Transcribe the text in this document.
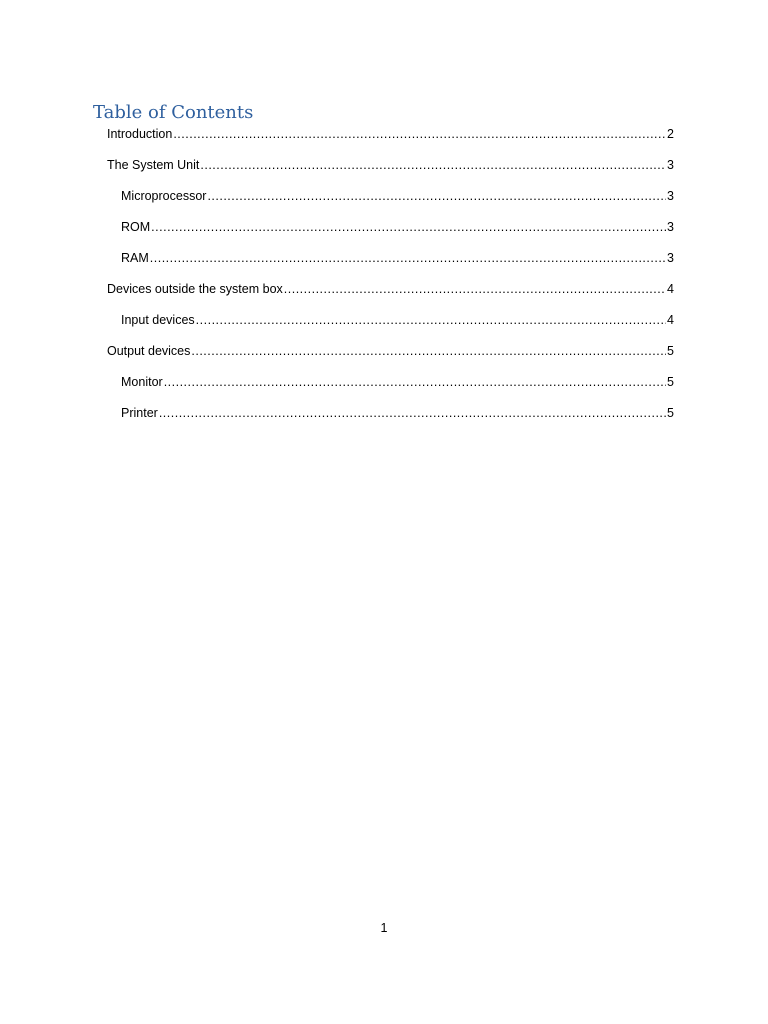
Table of Contents
Introduction .....	2
The System Unit .....	3
Microprocessor .....	3
ROM .....	3
RAM .....	3
Devices outside the system box .....	4
Input devices .....	4
Output devices .....	5
Monitor .....	5
Printer .....	5
1
